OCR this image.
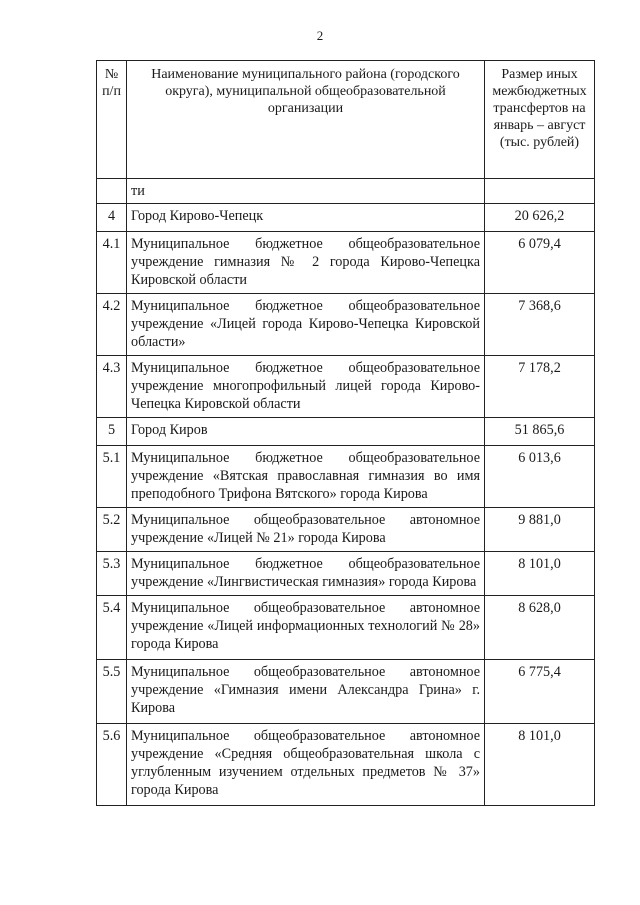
2
№ п/п	Наименование муниципального района (городского округа), муниципальной общеобразовательной организации	Размер иных межбюджетных трансфертов на январь – август (тыс. рублей)
	ти	
4	Город Кирово-Чепецк	20 626,2
4.1	Муниципальное бюджетное общеобразовательное учреждение гимназия № 2 города Кирово-Чепецка Кировской области	6 079,4
4.2	Муниципальное бюджетное общеобразовательное учреждение «Лицей города Кирово-Чепецка Кировской области»	7 368,6
4.3	Муниципальное бюджетное общеобразовательное учреждение многопрофильный лицей города Кирово-Чепецка Кировской области	7 178,2
5	Город Киров	51 865,6
5.1	Муниципальное бюджетное общеобразовательное учреждение «Вятская православная гимназия во имя преподобного Трифона Вятского» города Кирова	6 013,6
5.2	Муниципальное общеобразовательное автономное учреждение «Лицей № 21» города Кирова	9 881,0
5.3	Муниципальное бюджетное общеобразовательное учреждение «Лингвистическая гимназия» города Кирова	8 101,0
5.4	Муниципальное общеобразовательное автономное учреждение «Лицей информационных технологий № 28» города Кирова	8 628,0
5.5	Муниципальное общеобразовательное автономное учреждение «Гимназия имени Александра Грина» г. Кирова	6 775,4
5.6	Муниципальное общеобразовательное автономное учреждение «Средняя общеобразовательная школа с углубленным изучением отдельных предметов № 37» города Кирова	8 101,0
